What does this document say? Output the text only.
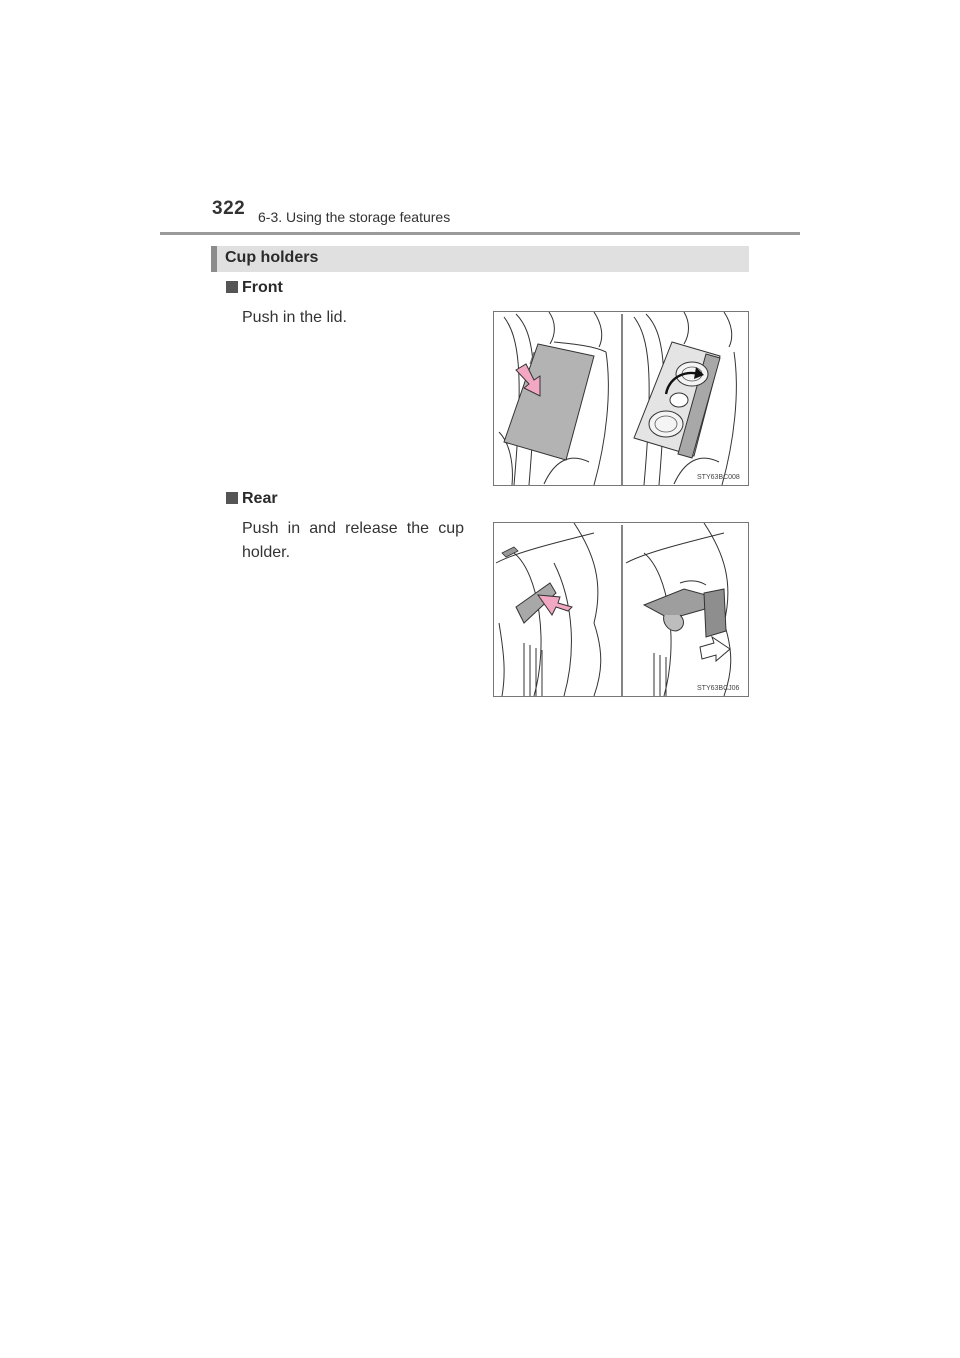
322 6-3. Using the storage features
Cup holders
Front
Push in the lid.
STY63BC008
Rear
Push in and release the cup holder.
STY63BCJ06
